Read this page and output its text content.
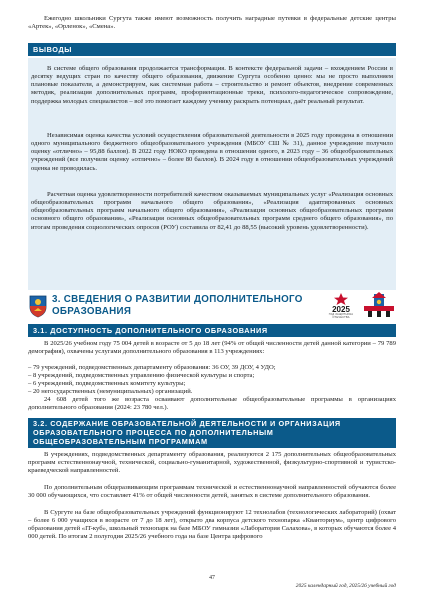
Ежегодно школьники Сургута также имеют возможность получить наградные путевки в федеральные детские центры «Артек», «Орленок», «Смена».
ВЫВОДЫ
В системе общего образования продолжается трансформация. В контексте федеральной задачи – вхождением России в десятку ведущих стран по качеству общего образования, движение Сургута особенно ценно: мы не просто выполняем плановые показатели, а демонстрируем, как системная работа – строительство и ремонт объектов, внедрение современных методик, реализация дополнительных программ, профориентационные треки, психолого-педагогическое сопровождение, поддержка молодых специалистов – всё это помогает каждому ученику раскрыть потенциал, даёт реальный результат.
Независимая оценка качества условий осуществления образовательной деятельности в 2025 году проведена в отношении одного муниципального бюджетного общеобразовательного учреждения (МБОУ СШ № 31), данное учреждение получило оценку «отлично» – 95,88 баллов). В 2022 году НОКО проведена в отношении одного, в 2023 году – 36 общеобразовательных учреждений (все получили оценку «отлично» – более 80 баллов). В 2024 году в отношении общеобразовательных учреждений оценка не проводилась.
Расчетная оценка удовлетворенности потребителей качеством оказываемых муниципальных услуг «Реализация основных общеобразовательных программ начального общего образования», «Реализация адаптированных основных общеобразовательных программ начального общего образования», «Реализация основных общеобразовательных программ основного общего образования», «Реализация основных общеобразовательных программ среднего общего образования», по итогам проведения социологических опросов (РОУ) составила от 82,41 до 88,55 (высокий уровень удовлетворенности).
3. СВЕДЕНИЯ О РАЗВИТИИ ДОПОЛНИТЕЛЬНОГО ОБРАЗОВАНИЯ	2025
ГОД ЗАЩИТНИКА ОТЕЧЕСТВА
3.1. ДОСТУПНОСТЬ ДОПОЛНИТЕЛЬНОГО ОБРАЗОВАНИЯ
В 2025/26 учебном году 75 004 детей в возрасте от 5 до 18 лет (94% от общей численности детей данной категории – 79 789 демография), охвачены услугами дополнительного образования в 113 учреждениях:
– 79 учреждений, подведомственных департаменту образования: 36 ОУ, 39 ДОУ, 4 УДО;
– 8 учреждений, подведомственных управлению физической культуры и спорта;
– 6 учреждений, подведомственных комитету культуры;
– 20 негосударственных (немуниципальных) организаций.
24 608 детей того же возраста осваивают дополнительные общеобразовательные программы в организациях дополнительного образования (2024: 23 780 чел.).
3.2. СОДЕРЖАНИЕ ОБРАЗОВАТЕЛЬНОЙ ДЕЯТЕЛЬНОСТИ И ОРГАНИЗАЦИЯ
ОБРАЗОВАТЕЛЬНОГО ПРОЦЕССА ПО ДОПОЛНИТЕЛЬНЫМ
ОБЩЕОБРАЗОВАТЕЛЬНЫМ ПРОГРАММАМ
В учреждениях, подведомственных департаменту образования, реализуются 2 175 дополнительных общеобразовательных программ естественнонаучной, технической, социально-гуманитарной, художественной, физкультурно-спортивной и туристско-краеведческой направленностей.
По дополнительным общеразвивающим программам технической и естественнонаучной направленностей обучаются более 30 000 обучающихся, что составляет 41% от общей численности детей, занятых в системе дополнительного образования.
В Сургуте на базе общеобразовательных учреждений функционируют 12 технолабов (технологических лабораторий) (охват – более 6 000 учащихся в возрасте от 7 до 18 лет), открыто два корпуса детского технопарка «Кванториум», центр цифрового образования детей «IT-куб», школьный технопарк на базе МБОУ гимназии «Лаборатория Салахова», в которых обучаются более 4 000 детей. По итогам 2 полугодия 2025/26 учебного года на базе Центра цифрового
47
2025 календарный год, 2025/26 учебный год
